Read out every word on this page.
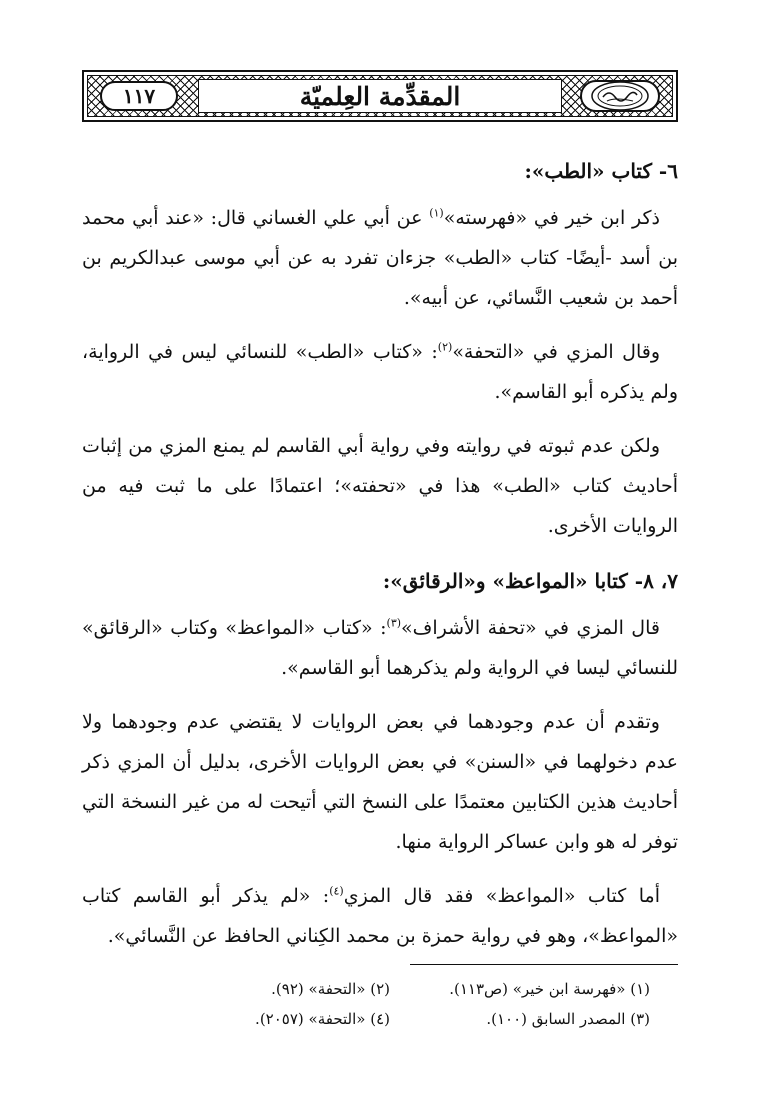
١١٧	المقدِّمة العِلميّة
٦- كتاب «الطب»:

ذكر ابن خير في «فهرسته»$^{(١)}$ عن أبي علي الغساني قال: «عند أبي محمد بن أسد -أيضًا- كتاب «الطب» جزءان تفرد به عن أبي موسى عبدالكريم بن أحمد بن شعيب النَّسائي، عن أبيه».

وقال المزي في «التحفة»$^{(٢)}$: «كتاب «الطب» للنسائي ليس في الرواية، ولم يذكره أبو القاسم».

ولكن عدم ثبوته في روايته وفي رواية أبي القاسم لم يمنع المزي من إثبات أحاديث كتاب «الطب» هذا في «تحفته»؛ اعتمادًا على ما ثبت فيه من الروايات الأخرى.

٧، ٨- كتابا «المواعظ» و«الرقائق»:

قال المزي في «تحفة الأشراف»$^{(٣)}$: «كتاب «المواعظ» وكتاب «الرقائق» للنسائي ليسا في الرواية ولم يذكرهما أبو القاسم».

وتقدم أن عدم وجودهما في بعض الروايات لا يقتضي عدم وجودهما ولا عدم دخولهما في «السنن» في بعض الروايات الأخرى، بدليل أن المزي ذكر أحاديث هذين الكتابين معتمدًا على النسخ التي أتيحت له من غير النسخة التي توفر له هو وابن عساكر الرواية منها.

أما كتاب «المواعظ» فقد قال المزي$^{(٤)}$: «لم يذكر أبو القاسم كتاب «المواعظ»، وهو في رواية حمزة بن محمد الكِناني الحافظ عن النَّسائي».

(١) «فهرسة ابن خير» (ص١١٣).
(٢) «التحفة» (٩٢).
(٣) المصدر السابق (١٠٠).
(٤) «التحفة» (٢٠٥٧).
